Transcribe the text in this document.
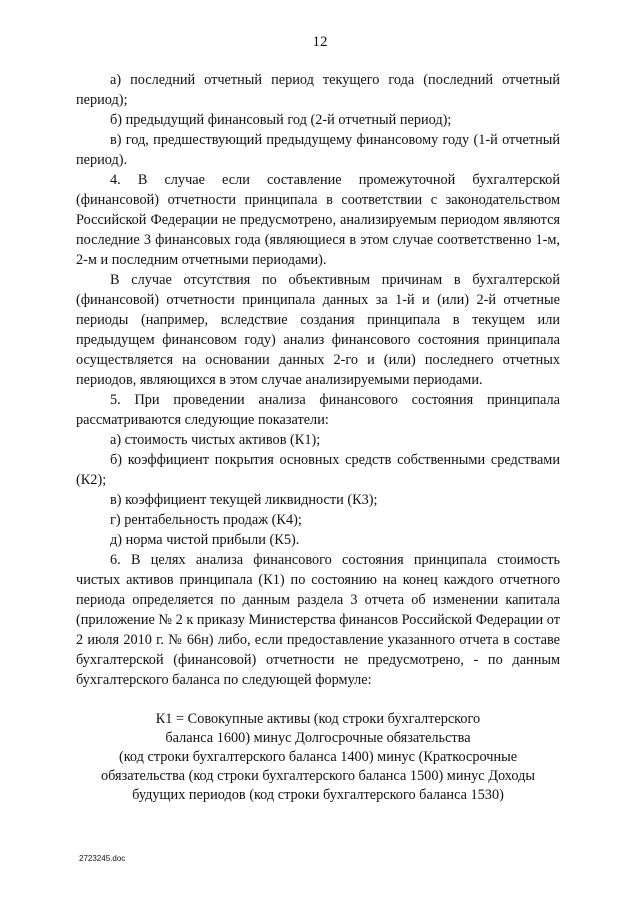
12

а) последний отчетный период текущего года (последний отчетный период);

б) предыдущий финансовый год (2-й отчетный период);

в) год, предшествующий предыдущему финансовому году (1-й отчетный период).

4. В случае если составление промежуточной бухгалтерской (финансовой) отчетности принципала в соответствии с законодательством Российской Федерации не предусмотрено, анализируемым периодом являются последние 3 финансовых года (являющиеся в этом случае соответственно 1-м, 2-м и последним отчетными периодами).

В случае отсутствия по объективным причинам в бухгалтерской (финансовой) отчетности принципала данных за 1-й и (или) 2-й отчетные периоды (например, вследствие создания принципала в текущем или предыдущем финансовом году) анализ финансового состояния принципала осуществляется на основании данных 2-го и (или) последнего отчетных периодов, являющихся в этом случае анализируемыми периодами.

5. При проведении анализа финансового состояния принципала рассматриваются следующие показатели:

а) стоимость чистых активов (К1);

б) коэффициент покрытия основных средств собственными средствами (К2);

в) коэффициент текущей ликвидности (К3);

г) рентабельность продаж (К4);

д) норма чистой прибыли (К5).

6. В целях анализа финансового состояния принципала стоимость чистых активов принципала (К1) по состоянию на конец каждого отчетного периода определяется по данным раздела 3 отчета об изменении капитала (приложение № 2 к приказу Министерства финансов Российской Федерации от 2 июля 2010 г. № 66н) либо, если предоставление указанного отчета в составе бухгалтерской (финансовой) отчетности не предусмотрено, - по данным бухгалтерского баланса по следующей формуле:

К1 = Совокупные активы (код строки бухгалтерского
баланса 1600) минус Долгосрочные обязательства
(код строки бухгалтерского баланса 1400) минус (Краткосрочные
обязательства (код строки бухгалтерского баланса 1500) минус Доходы
будущих периодов (код строки бухгалтерского баланса 1530)
2723245.doc
